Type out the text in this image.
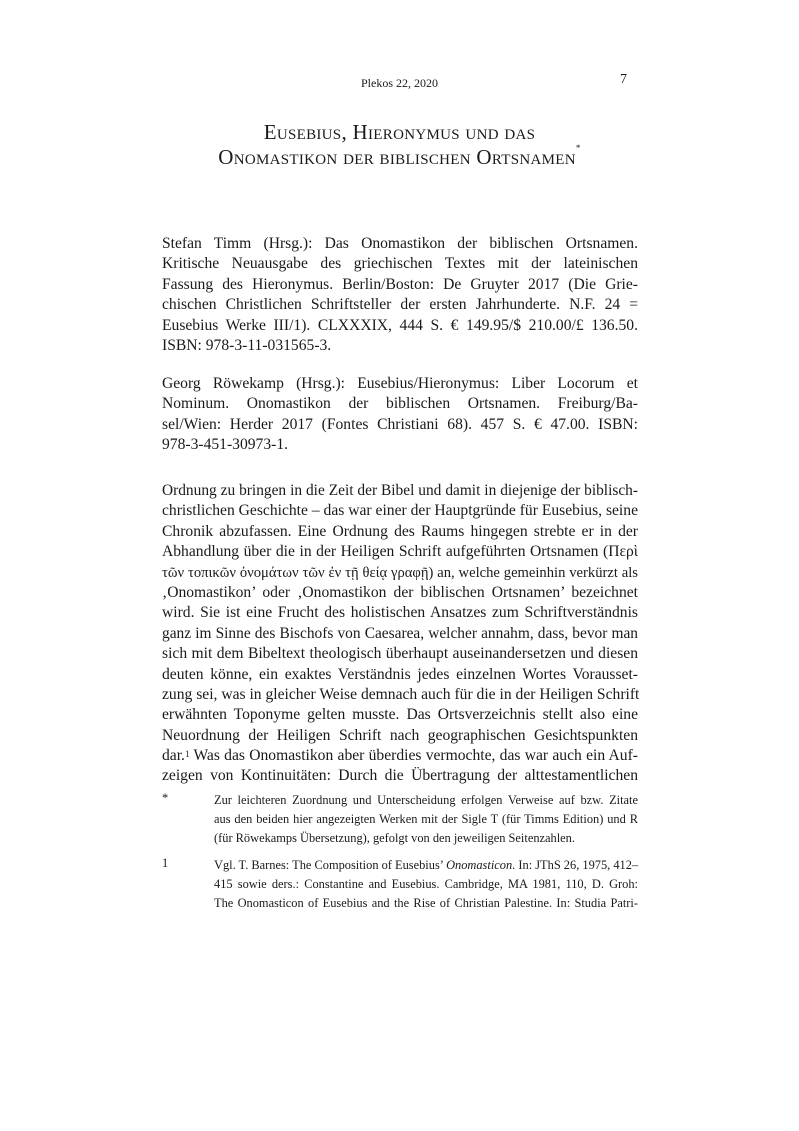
Plekos 22, 2020	7
Eusebius, Hieronymus und das
Onomastikon der biblischen Ortsnamen*
Stefan Timm (Hrsg.): Das Onomastikon der biblischen Ortsnamen.
Kritische Neuausgabe des griechischen Textes mit der lateinischen
Fassung des Hieronymus. Berlin/Boston: De Gruyter 2017 (Die Grie-
chischen Christlichen Schriftsteller der ersten Jahrhunderte. N.F. 24 =
Eusebius Werke III/1). CLXXXIX, 444 S. € 149.95/$ 210.00/£ 136.50.
ISBN: 978-3-11-031565-3.
Georg Röwekamp (Hrsg.): Eusebius/Hieronymus: Liber Locorum et
Nominum. Onomastikon der biblischen Ortsnamen. Freiburg/Ba-
sel/Wien: Herder 2017 (Fontes Christiani 68). 457 S. € 47.00. ISBN:
978-3-451-30973-1.
Ordnung zu bringen in die Zeit der Bibel und damit in diejenige der biblisch-
christlichen Geschichte – das war einer der Hauptgründe für Eusebius, seine
Chronik abzufassen. Eine Ordnung des Raums hingegen strebte er in der
Abhandlung über die in der Heiligen Schrift aufgeführten Ortsnamen (Περὶ
τῶν τοπικῶν ὀνομάτων τῶν ἐν τῇ θείᾳ γραφῇ) an, welche gemeinhin verkürzt als
‚Onomastikon’ oder ‚Onomastikon der biblischen Ortsnamen’ bezeichnet
wird. Sie ist eine Frucht des holistischen Ansatzes zum Schriftverständnis
ganz im Sinne des Bischofs von Caesarea, welcher annahm, dass, bevor man
sich mit dem Bibeltext theologisch überhaupt auseinandersetzen und diesen
deuten könne, ein exaktes Verständnis jedes einzelnen Wortes Vorausset-
zung sei, was in gleicher Weise demnach auch für die in der Heiligen Schrift
erwähnten Toponyme gelten musste. Das Ortsverzeichnis stellt also eine
Neuordnung der Heiligen Schrift nach geographischen Gesichtspunkten
dar.$^1$ Was das Onomastikon aber überdies vermochte, das war auch ein Auf-
zeigen von Kontinuitäten: Durch die Übertragung der alttestamentlichen
*	Zur leichteren Zuordnung und Unterscheidung erfolgen Verweise auf bzw. Zitate
aus den beiden hier angezeigten Werken mit der Sigle T (für Timms Edition) und R
(für Röwekamps Übersetzung), gefolgt von den jeweiligen Seitenzahlen.
1	Vgl. T. Barnes: The Composition of Eusebius’ Onomasticon. In: JThS 26, 1975, 412–
415 sowie ders.: Constantine and Eusebius. Cambridge, MA 1981, 110, D. Groh:
The Onomasticon of Eusebius and the Rise of Christian Palestine. In: Studia Patri-
